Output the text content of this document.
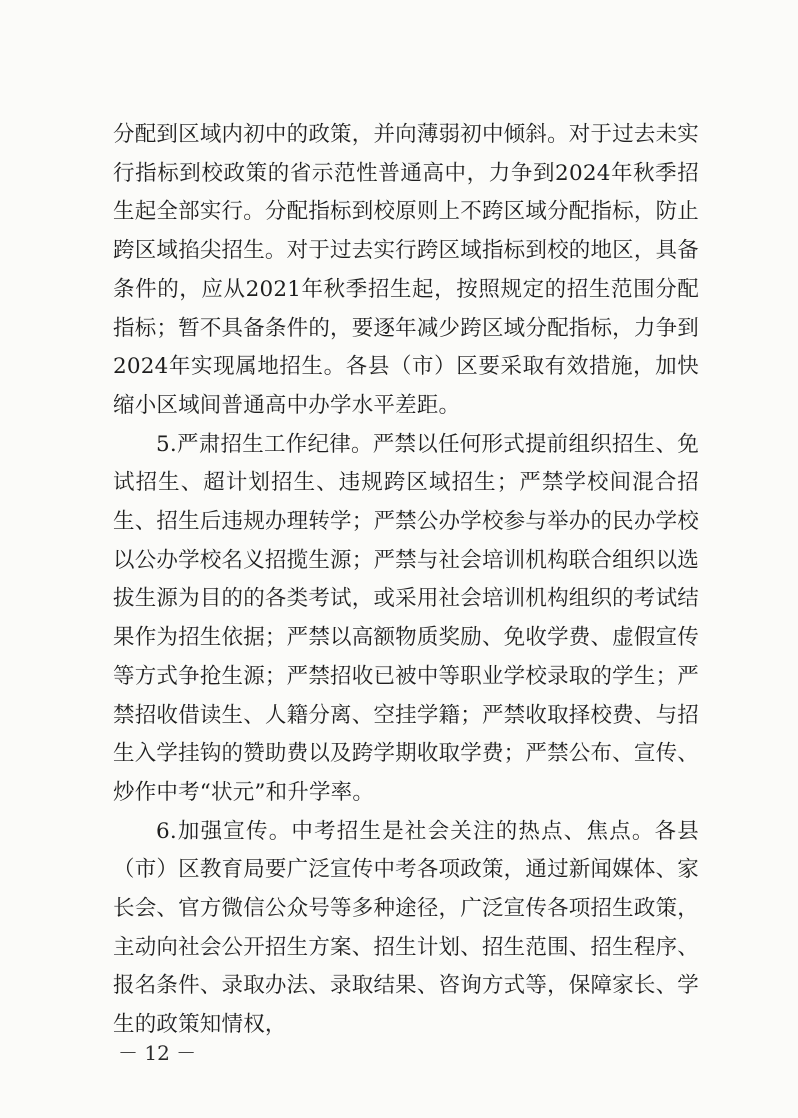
分配到区域内初中的政策，并向薄弱初中倾斜。对于过去未实行指标到校政策的省示范性普通高中，力争到2024年秋季招生起全部实行。分配指标到校原则上不跨区域分配指标，防止跨区域掐尖招生。对于过去实行跨区域指标到校的地区，具备条件的，应从2021年秋季招生起，按照规定的招生范围分配指标；暂不具备条件的，要逐年减少跨区域分配指标，力争到2024年实现属地招生。各县（市）区要采取有效措施，加快缩小区域间普通高中办学水平差距。

5.严肃招生工作纪律。严禁以任何形式提前组织招生、免试招生、超计划招生、违规跨区域招生；严禁学校间混合招生、招生后违规办理转学；严禁公办学校参与举办的民办学校以公办学校名义招揽生源；严禁与社会培训机构联合组织以选拔生源为目的的各类考试，或采用社会培训机构组织的考试结果作为招生依据；严禁以高额物质奖励、免收学费、虚假宣传等方式争抢生源；严禁招收已被中等职业学校录取的学生；严禁招收借读生、人籍分离、空挂学籍；严禁收取择校费、与招生入学挂钩的赞助费以及跨学期收取学费；严禁公布、宣传、炒作中考“状元”和升学率。

6.加强宣传。中考招生是社会关注的热点、焦点。各县（市）区教育局要广泛宣传中考各项政策，通过新闻媒体、家长会、官方微信公众号等多种途径，广泛宣传各项招生政策，主动向社会公开招生方案、招生计划、招生范围、招生程序、报名条件、录取办法、录取结果、咨询方式等，保障家长、学生的政策知情权，

－ 12 －
